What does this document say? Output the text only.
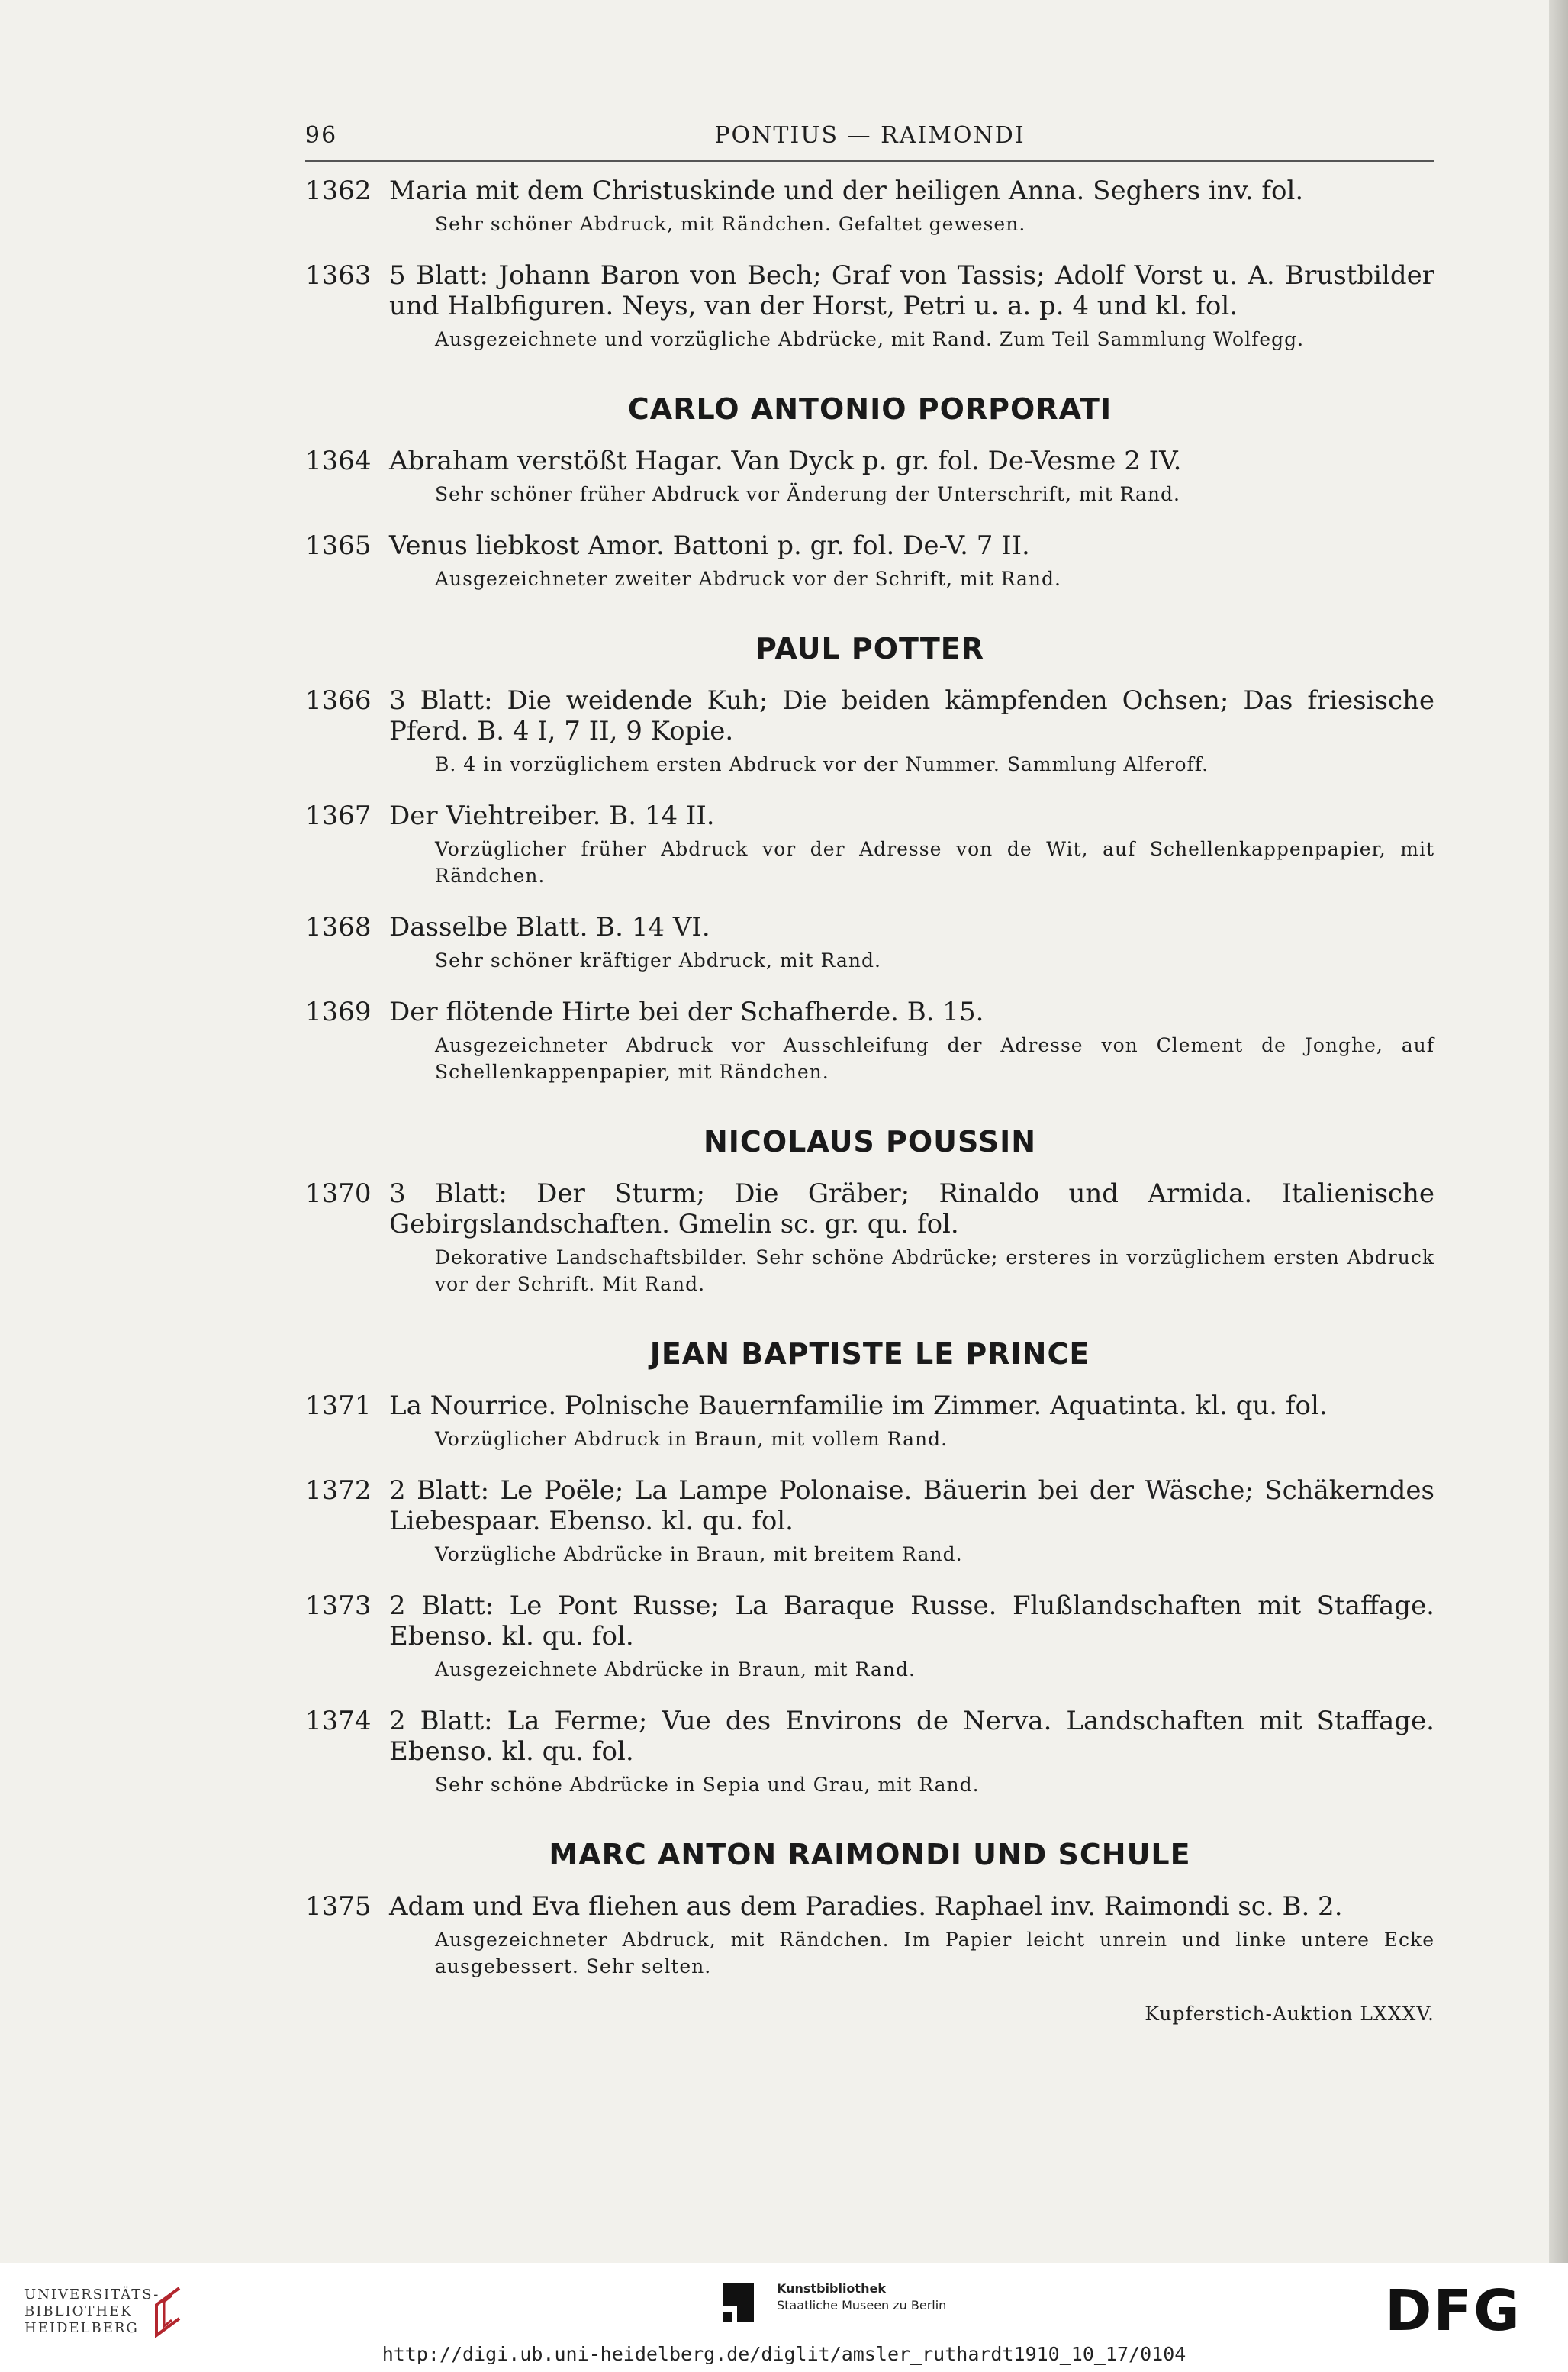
96	PONTIUS — RAIMONDI
1362 Maria mit dem Christuskinde und der heiligen Anna. Seghers inv. fol.
Sehr schöner Abdruck, mit Rändchen. Gefaltet gewesen.
1363 5 Blatt: Johann Baron von Bech; Graf von Tassis; Adolf Vorst u. A. Brustbilder und Halbfiguren. Neys, van der Horst, Petri u. a. p. 4 und kl. fol.
Ausgezeichnete und vorzügliche Abdrücke, mit Rand. Zum Teil Sammlung Wolfegg.
CARLO ANTONIO PORPORATI
1364 Abraham verstößt Hagar. Van Dyck p. gr. fol. De-Vesme 2 IV.
Sehr schöner früher Abdruck vor Änderung der Unterschrift, mit Rand.
1365 Venus liebkost Amor. Battoni p. gr. fol. De-V. 7 II.
Ausgezeichneter zweiter Abdruck vor der Schrift, mit Rand.
PAUL POTTER
1366 3 Blatt: Die weidende Kuh; Die beiden kämpfenden Ochsen; Das friesische Pferd. B. 4 I, 7 II, 9 Kopie.
B. 4 in vorzüglichem ersten Abdruck vor der Nummer. Sammlung Alferoff.
1367 Der Viehtreiber. B. 14 II.
Vorzüglicher früher Abdruck vor der Adresse von de Wit, auf Schellenkappenpapier, mit Rändchen.
1368 Dasselbe Blatt. B. 14 VI.
Sehr schöner kräftiger Abdruck, mit Rand.
1369 Der flötende Hirte bei der Schafherde. B. 15.
Ausgezeichneter Abdruck vor Ausschleifung der Adresse von Clement de Jonghe, auf Schellenkappenpapier, mit Rändchen.
NICOLAUS POUSSIN
1370 3 Blatt: Der Sturm; Die Gräber; Rinaldo und Armida. Italienische Gebirgslandschaften. Gmelin sc. gr. qu. fol.
Dekorative Landschaftsbilder. Sehr schöne Abdrücke; ersteres in vorzüglichem ersten Abdruck vor der Schrift. Mit Rand.
JEAN BAPTISTE LE PRINCE
1371 La Nourrice. Polnische Bauernfamilie im Zimmer. Aquatinta. kl. qu. fol.
Vorzüglicher Abdruck in Braun, mit vollem Rand.
1372 2 Blatt: Le Poële; La Lampe Polonaise. Bäuerin bei der Wäsche; Schäkerndes Liebespaar. Ebenso. kl. qu. fol.
Vorzügliche Abdrücke in Braun, mit breitem Rand.
1373 2 Blatt: Le Pont Russe; La Baraque Russe. Flußlandschaften mit Staffage. Ebenso. kl. qu. fol.
Ausgezeichnete Abdrücke in Braun, mit Rand.
1374 2 Blatt: La Ferme; Vue des Environs de Nerva. Landschaften mit Staffage. Ebenso. kl. qu. fol.
Sehr schöne Abdrücke in Sepia und Grau, mit Rand.
MARC ANTON RAIMONDI UND SCHULE
1375 Adam und Eva fliehen aus dem Paradies. Raphael inv. Raimondi sc. B. 2.
Ausgezeichneter Abdruck, mit Rändchen. Im Papier leicht unrein und linke untere Ecke ausgebessert. Sehr selten.
Kupferstich-Auktion LXXXV.
UNIVERSITÄTS-
BIBLIOTHEK
HEIDELBERG
Kunstbibliothek
Staatliche Museen zu Berlin	DFG
http://digi.ub.uni-heidelberg.de/diglit/amsler_ruthardt1910_10_17/0104
